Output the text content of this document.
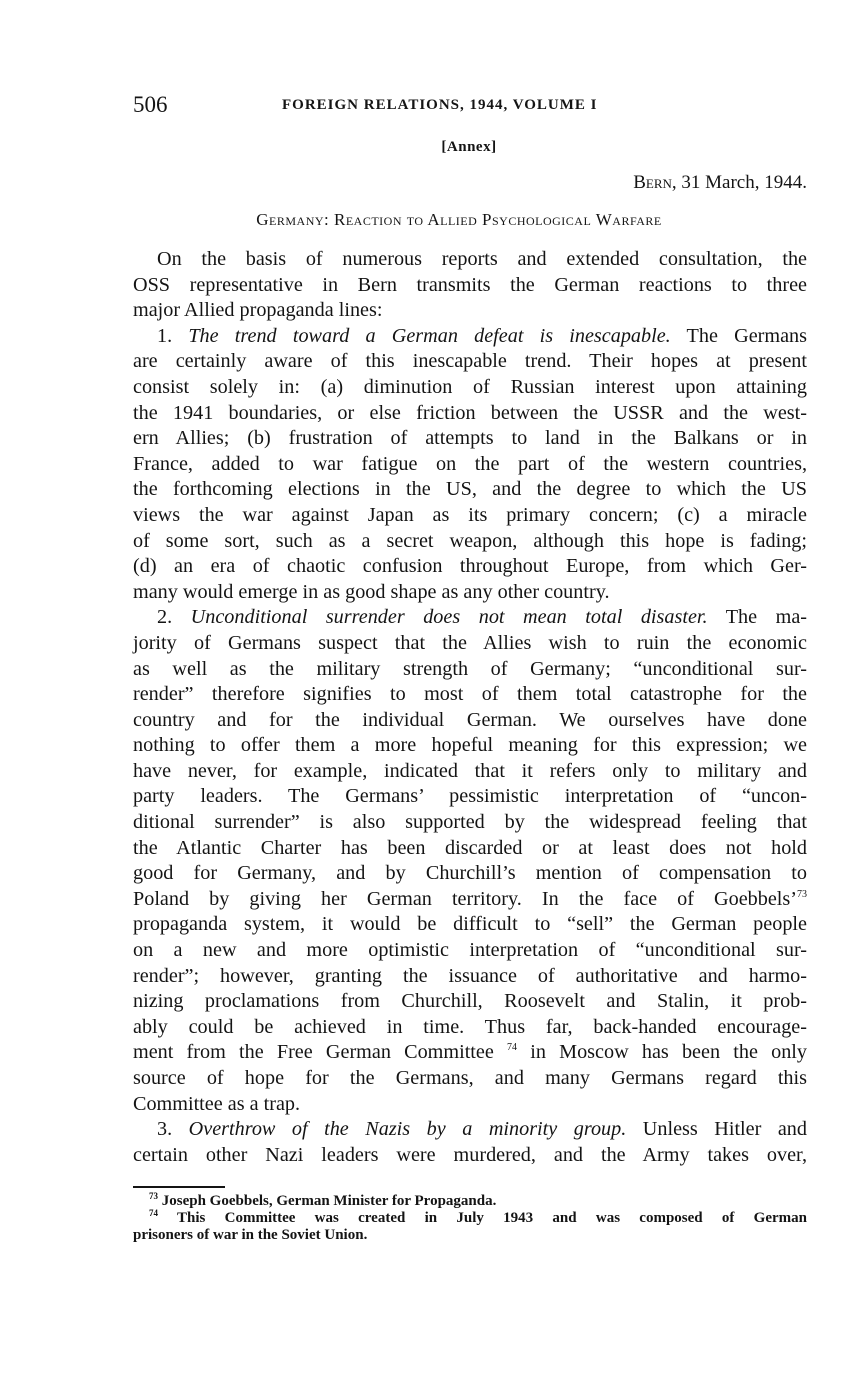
506	FOREIGN RELATIONS, 1944, VOLUME I
[Annex]
Bern, 31 March, 1944.
Germany: Reaction to Allied Psychological Warfare
On the basis of numerous reports and extended consultation, the
OSS representative in Bern transmits the German reactions to three
major Allied propaganda lines:
1. The trend toward a German defeat is inescapable. The Germans
are certainly aware of this inescapable trend. Their hopes at present
consist solely in: (a) diminution of Russian interest upon attaining
the 1941 boundaries, or else friction between the USSR and the west-
ern Allies; (b) frustration of attempts to land in the Balkans or in
France, added to war fatigue on the part of the western countries,
the forthcoming elections in the US, and the degree to which the US
views the war against Japan as its primary concern; (c) a miracle
of some sort, such as a secret weapon, although this hope is fading;
(d) an era of chaotic confusion throughout Europe, from which Ger-
many would emerge in as good shape as any other country.
2. Unconditional surrender does not mean total disaster. The ma-
jority of Germans suspect that the Allies wish to ruin the economic
as well as the military strength of Germany; “unconditional sur-
render” therefore signifies to most of them total catastrophe for the
country and for the individual German. We ourselves have done
nothing to offer them a more hopeful meaning for this expression; we
have never, for example, indicated that it refers only to military and
party leaders. The Germans’ pessimistic interpretation of “uncon-
ditional surrender” is also supported by the widespread feeling that
the Atlantic Charter has been discarded or at least does not hold
good for Germany, and by Churchill’s mention of compensation to
Poland by giving her German territory. In the face of Goebbels’$^{73}$
propaganda system, it would be difficult to “sell” the German people
on a new and more optimistic interpretation of “unconditional sur-
render”; however, granting the issuance of authoritative and harmo-
nizing proclamations from Churchill, Roosevelt and Stalin, it prob-
ably could be achieved in time. Thus far, back-handed encourage-
ment from the Free German Committee $^{74}$ in Moscow has been the only
source of hope for the Germans, and many Germans regard this
Committee as a trap.
3. Overthrow of the Nazis by a minority group. Unless Hitler and
certain other Nazi leaders were murdered, and the Army takes over,
$^{73}$ Joseph Goebbels, German Minister for Propaganda.
$^{74}$ This Committee was created in July 1943 and was composed of German
prisoners of war in the Soviet Union.
